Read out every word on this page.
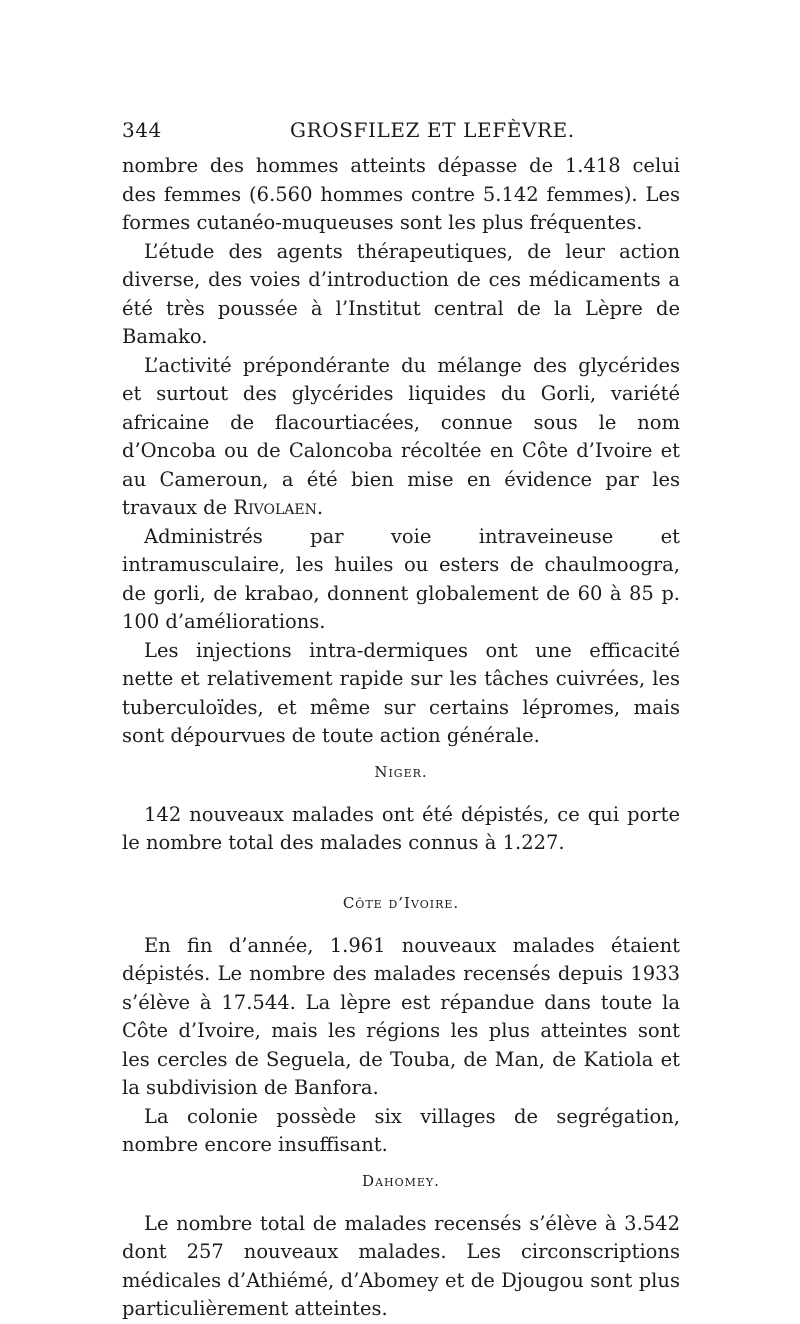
344	GROSFILEZ ET LEFÈVRE.

nombre des hommes atteints dépasse de 1.418 celui des femmes (6.560 hommes contre 5.142 femmes). Les formes cutanéo-muqueuses sont les plus fréquentes.

L’étude des agents thérapeutiques, de leur action diverse, des voies d’introduction de ces médicaments a été très poussée à l’Institut central de la Lèpre de Bamako.

L’activité prépondérante du mélange des glycérides et surtout des glycérides liquides du Gorli, variété africaine de flacourtiacées, connue sous le nom d’Oncoba ou de Caloncoba récoltée en Côte d’Ivoire et au Cameroun, a été bien mise en évidence par les travaux de Rivolaen.

Administrés par voie intraveineuse et intramusculaire, les huiles ou esters de chaulmoogra, de gorli, de krabao, donnent globalement de 60 à 85 p. 100 d’améliorations.

Les injections intra-dermiques ont une efficacité nette et relativement rapide sur les tâches cuivrées, les tuberculoïdes, et même sur certains lépromes, mais sont dépourvues de toute action générale.

Niger.

142 nouveaux malades ont été dépistés, ce qui porte le nombre total des malades connus à 1.227.

Côte d’Ivoire.

En fin d’année, 1.961 nouveaux malades étaient dépistés. Le nombre des malades recensés depuis 1933 s’élève à 17.544. La lèpre est répandue dans toute la Côte d’Ivoire, mais les régions les plus atteintes sont les cercles de Seguela, de Touba, de Man, de Katiola et la subdivision de Banfora.

La colonie possède six villages de segrégation, nombre encore insuffisant.

Dahomey.

Le nombre total de malades recensés s’élève à 3.542 dont 257 nouveaux malades. Les circonscriptions médicales d’Athiémé, d’Abomey et de Djougou sont plus particulièrement atteintes.
